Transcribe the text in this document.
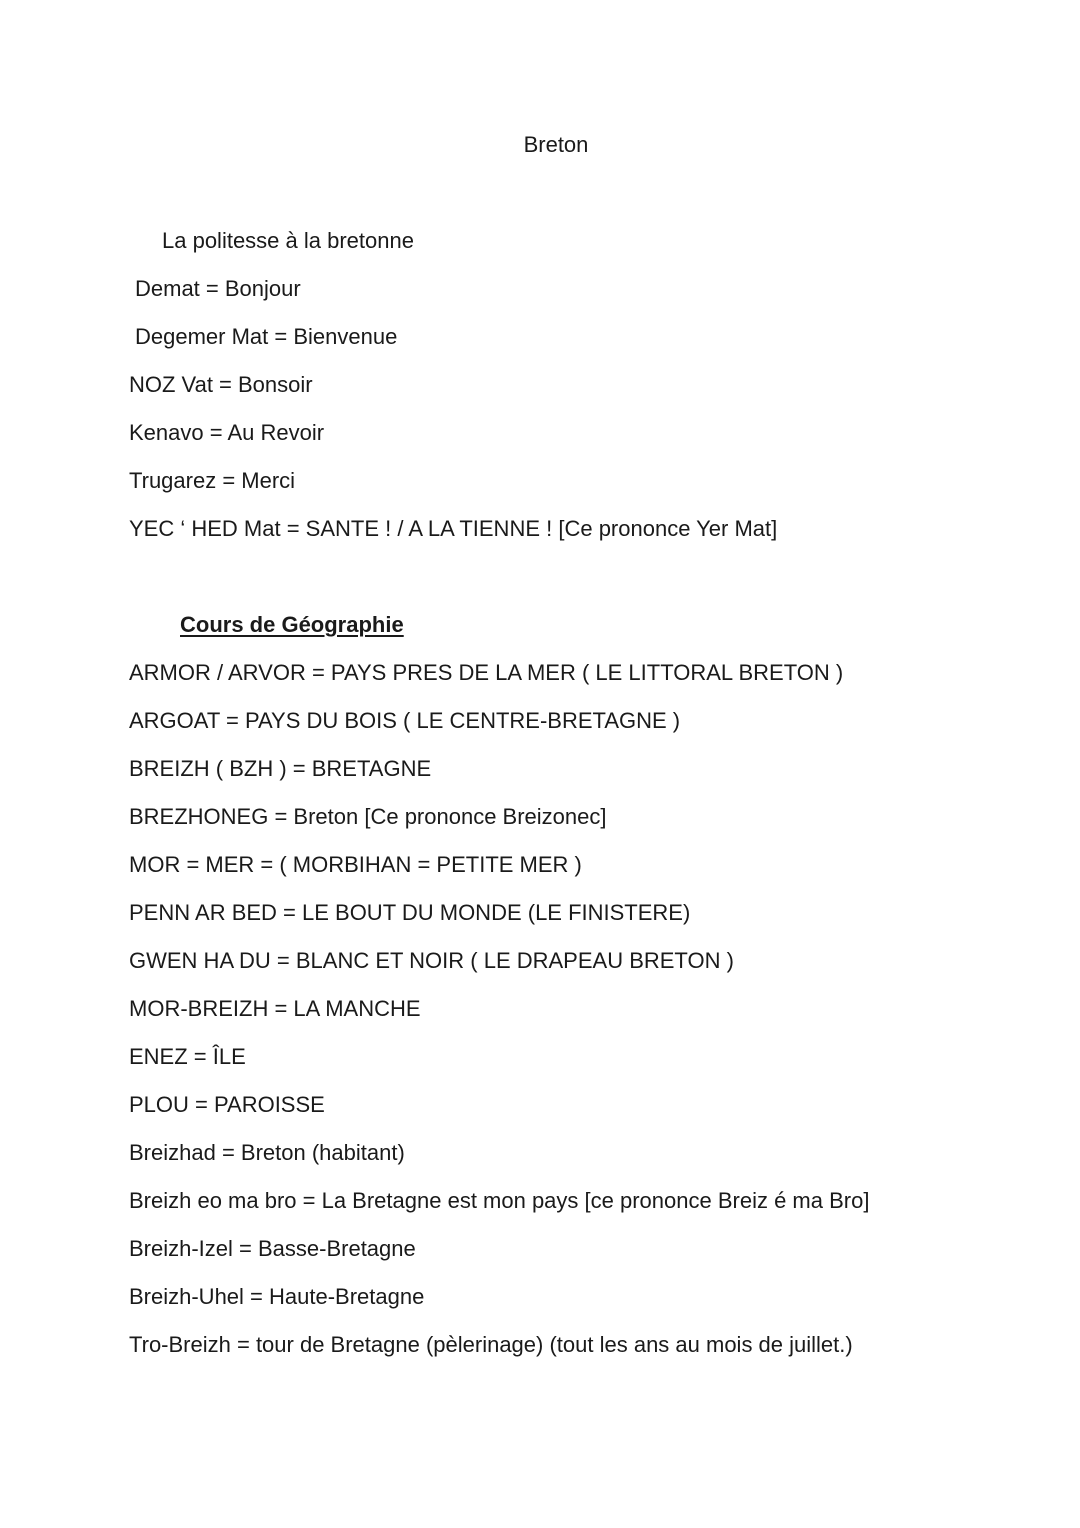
Breton
La politesse à la bretonne
Demat = Bonjour
Degemer Mat = Bienvenue
NOZ Vat = Bonsoir
Kenavo = Au Revoir
Trugarez = Merci
YEC ‘ HED Mat = SANTE ! / A LA TIENNE ! [Ce prononce Yer Mat]
Cours de Géographie
ARMOR / ARVOR = PAYS PRES DE LA MER ( LE LITTORAL BRETON )
ARGOAT = PAYS DU BOIS ( LE CENTRE-BRETAGNE )
BREIZH ( BZH ) = BRETAGNE
BREZHONEG = Breton [Ce prononce Breizonec]
MOR = MER = ( MORBIHAN = PETITE MER )
PENN AR BED = LE BOUT DU MONDE (LE FINISTERE)
GWEN HA DU = BLANC ET NOIR ( LE DRAPEAU BRETON )
MOR-BREIZH = LA MANCHE
ENEZ = ÎLE
PLOU = PAROISSE
Breizhad = Breton (habitant)
Breizh eo ma bro = La Bretagne est mon pays [ce prononce Breiz é ma Bro]
Breizh-Izel = Basse-Bretagne
Breizh-Uhel = Haute-Bretagne
Tro-Breizh = tour de Bretagne (pèlerinage) (tout les ans au mois de juillet.)
